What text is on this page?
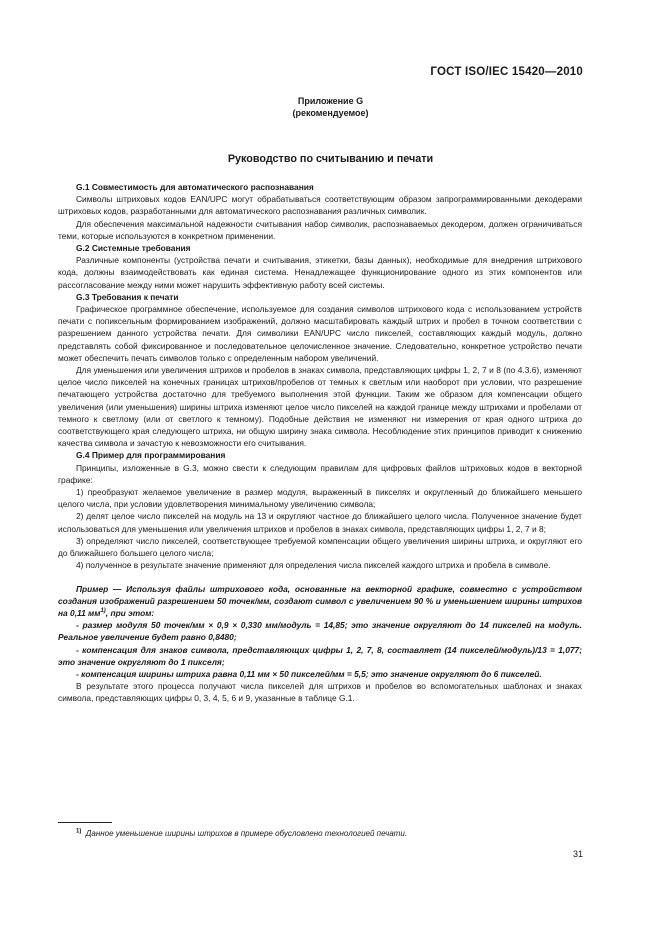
ГОСТ ISO/IEC 15420—2010
Приложение G
(рекомендуемое)
Руководство по считыванию и печати

G.1 Совместимость для автоматического распознавания

Символы штриховых кодов EAN/UPC могут обрабатываться соответствующим образом запрограммированными декодерами штриховых кодов, разработанными для автоматического распознавания различных символик.

Для обеспечения максимальной надежности считывания набор символик, распознаваемых декодером, должен ограничиваться теми, которые используются в конкретном применении.

G.2 Системные требования

Различные компоненты (устройства печати и считывания, этикетки, базы данных), необходимые для внедрения штрихового кода, должны взаимодействовать как единая система. Ненадлежащее функционирование одного из этих компонентов или рассогласование между ними может нарушить эффективную работу всей системы.

G.3 Требования к печати

Графическое программное обеспечение, используемое для создания символов штрихового кода с использованием устройств печати с попиксельным формированием изображений, должно масштабировать каждый штрих и пробел в точном соответствии с разрешением данного устройства печати. Для символики EAN/UPC число пикселей, составляющих каждый модуль, должно представлять собой фиксированное и последовательное целочисленное значение. Следовательно, конкретное устройство печати может обеспечить печать символов только с определенным набором увеличений.

Для уменьшения или увеличения штрихов и пробелов в знаках символа, представляющих цифры 1, 2, 7 и 8 (по 4.3.6), изменяют целое число пикселей на конечных границах штрихов/пробелов от темных к светлым или наоборот при условии, что разрешение печатающего устройства достаточно для требуемого выполнения этой функции. Таким же образом для компенсации общего увеличения (или уменьшения) ширины штриха изменяют целое число пикселей на каждой границе между штрихами и пробелами от темного к светлому (или от светлого к темному). Подобные действия не изменяют ни измерения от края одного штриха до соответствующего края следующего штриха, ни общую ширину знака символа. Несоблюдение этих принципов приводит к снижению качества символа и зачастую к невозможности его считывания.

G.4 Пример для программирования

Принципы, изложенные в G.3, можно свести к следующим правилам для цифровых файлов штриховых кодов в векторной графике:

1) преобразуют желаемое увеличение в размер модуля, выраженный в пикселях и округленный до ближайшего меньшего целого числа, при условии удовлетворения минимальному увеличению символа;

2) делят целое число пикселей на модуль на 13 и округляют частное до ближайшего целого числа. Полученное значение будет использоваться для уменьшения или увеличения штрихов и пробелов в знаках символа, представляющих цифры 1, 2, 7 и 8;

3) определяют число пикселей, соответствующее требуемой компенсации общего увеличения ширины штриха, и округляют его до ближайшего большего целого числа;

4) полученное в результате значение применяют для определения числа пикселей каждого штриха и пробела в символе.

Пример — Используя файлы штрихового кода, основанные на векторной графике, совместно с устройством создания изображений разрешением 50 точек/мм, создают символ с увеличением 90 % и уменьшением ширины штрихов на 0,11 $мм^{1)}$, при этом:

- размер модуля 50 точек/мм × 0,9 × 0,330 мм/модуль = 14,85; это значение округляют до 14 пикселей на модуль. Реальное увеличение будет равно 0,8480;

- компенсация для знаков символа, представляющих цифры 1, 2, 7, 8, составляет (14 пикселей/модуль)/13 = 1,077; это значение округляют до 1 пикселя;

- компенсация ширины штриха равна 0,11 мм × 50 пикселей/мм = 5,5; это значение округляют до 6 пикселей.

В результате этого процесса получают числа пикселей для штрихов и пробелов во вспомогательных шаблонах и знаках символа, представляющих цифры 0, 3, 4, 5, 6 и 9, указанные в таблице G.1.

$^{1)}$ Данное уменьшение ширины штрихов в примере обусловлено технологией печати.
31
